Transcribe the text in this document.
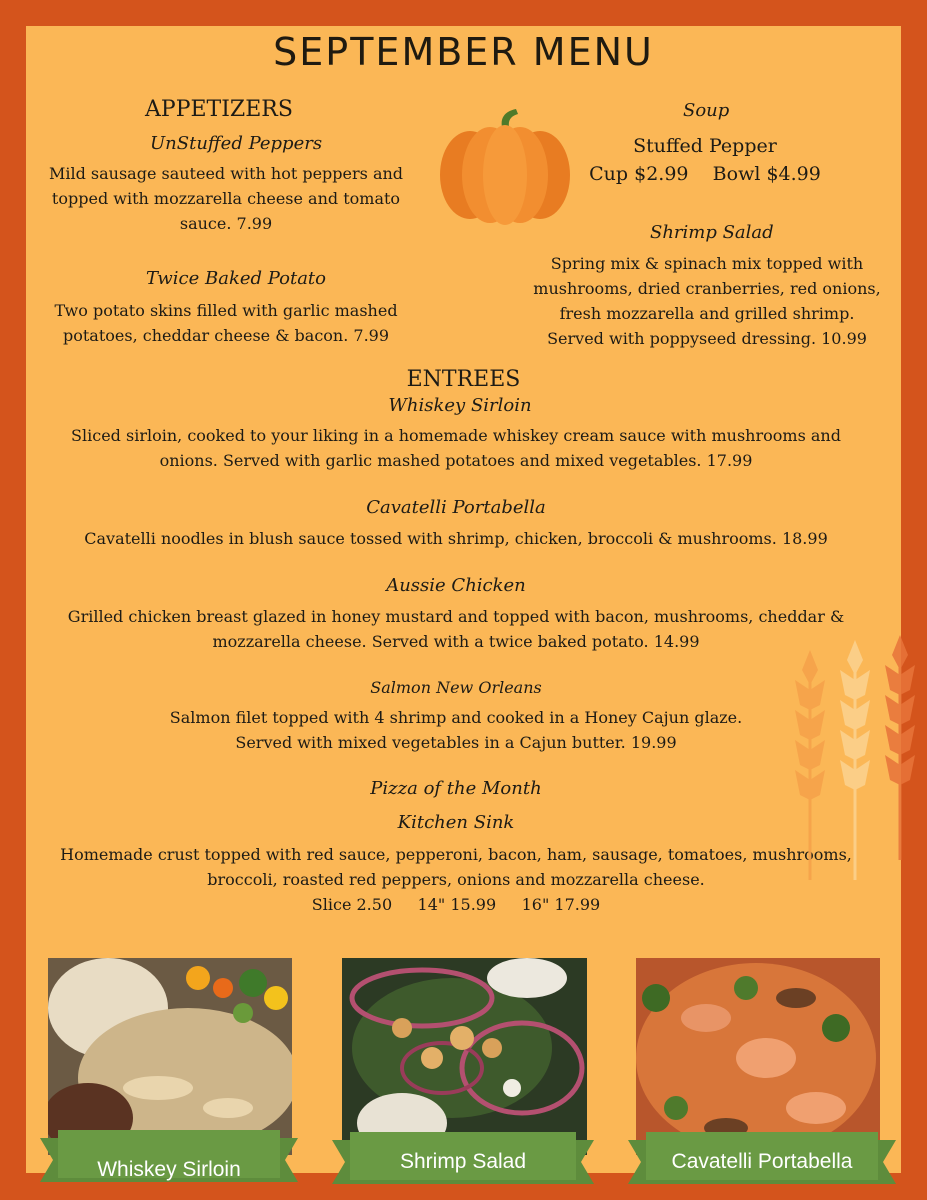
SEPTEMBER MENU
APPETIZERS
UnStuffed Peppers
Mild sausage sauteed with hot peppers and
topped with mozzarella cheese and tomato
sauce. 7.99
Twice Baked Potato
Two potato skins filled with garlic mashed
potatoes, cheddar cheese & bacon. 7.99
Soup
Stuffed Pepper
Cup $2.99    Bowl $4.99
Shrimp Salad
Spring mix & spinach mix topped with
mushrooms, dried cranberries, red onions,
fresh mozzarella and grilled shrimp.
Served with poppyseed dressing. 10.99
ENTREES
Whiskey Sirloin
Sliced sirloin, cooked to your liking in a homemade whiskey cream sauce with mushrooms and
onions. Served with garlic mashed potatoes and mixed vegetables. 17.99
Cavatelli Portabella
Cavatelli noodles in blush sauce tossed with shrimp, chicken, broccoli & mushrooms. 18.99
Aussie Chicken
Grilled chicken breast glazed in honey mustard and topped with bacon, mushrooms, cheddar &
mozzarella cheese. Served with a twice baked potato. 14.99
Salmon New Orleans
Salmon filet topped with 4 shrimp and cooked in a Honey Cajun glaze.
Served with mixed vegetables in a Cajun butter. 19.99
Pizza of the Month
Kitchen Sink
Homemade crust topped with red sauce, pepperoni, bacon, ham, sausage, tomatoes, mushrooms,
broccoli, roasted red peppers, onions and mozzarella cheese.
Slice 2.50     14" 15.99     16" 17.99
Whiskey Sirloin	Shrimp Salad	Cavatelli Portabella
